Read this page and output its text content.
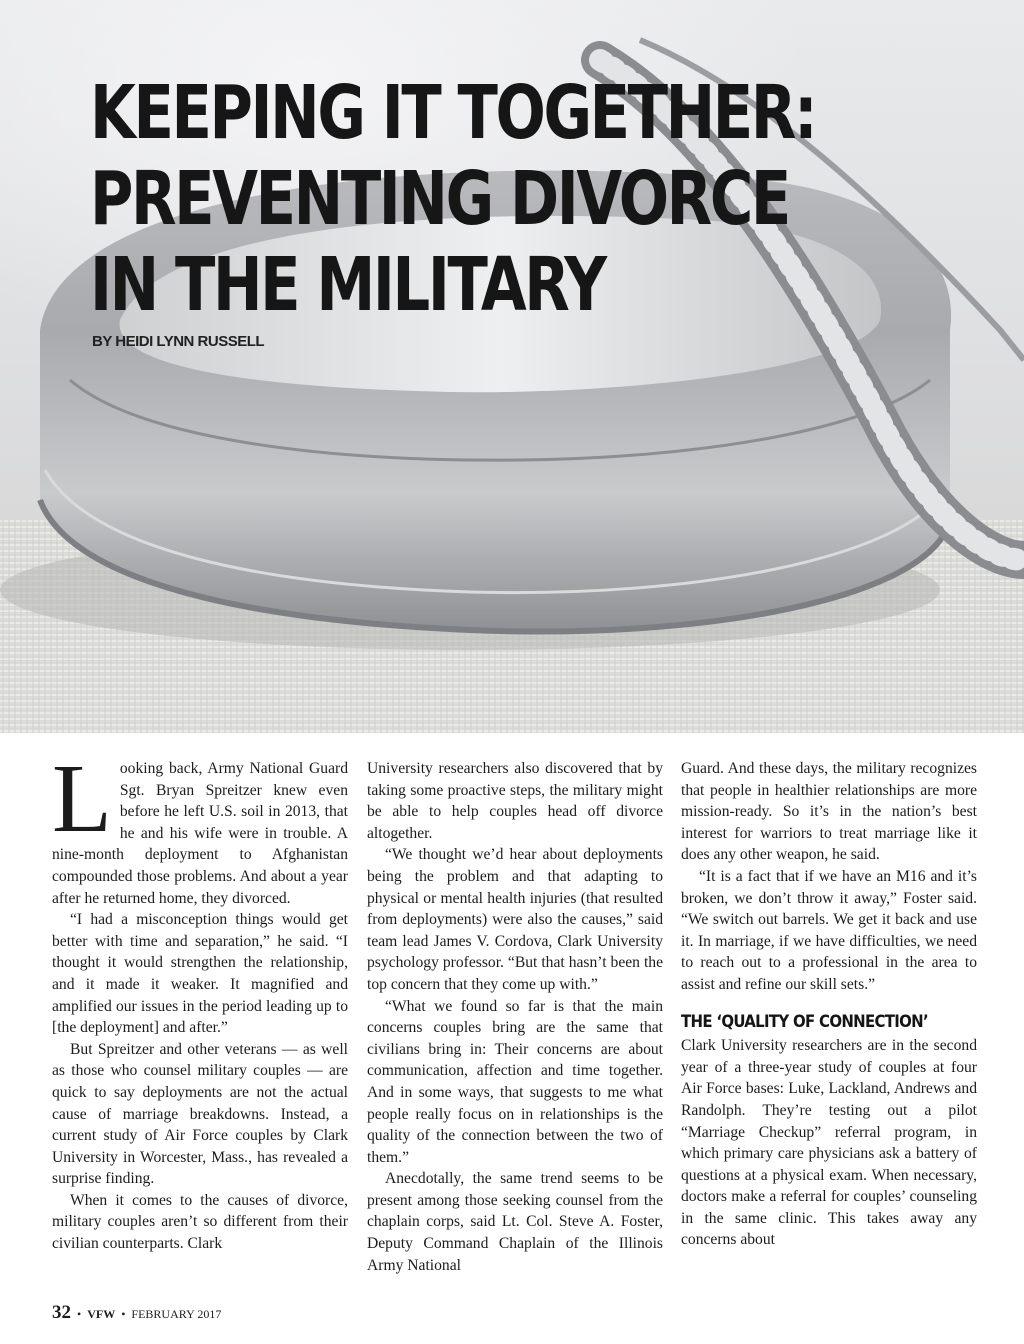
KEEPING IT TOGETHER:
PREVENTING DIVORCE
IN THE MILITARY

BY HEIDI LYNN RUSSELL

Looking back, Army National Guard Sgt. Bryan Spreitzer knew even before he left U.S. soil in 2013, that he and his wife were in trouble. A nine-month deployment to Afghanistan compounded those problems. And about a year after he returned home, they divorced.

“I had a misconception things would get better with time and separation,” he said. “I thought it would strengthen the relationship, and it made it weaker. It magnified and amplified our issues in the period leading up to [the deployment] and after.”

But Spreitzer and other veterans — as well as those who counsel military couples — are quick to say deployments are not the actual cause of marriage breakdowns. Instead, a current study of Air Force couples by Clark University in Worcester, Mass., has revealed a surprise finding.

When it comes to the causes of divorce, military couples aren’t so different from their civilian counterparts. Clark

University researchers also discovered that by taking some proactive steps, the military might be able to help couples head off divorce altogether.

“We thought we’d hear about deployments being the problem and that adapting to physical or mental health injuries (that resulted from deployments) were also the causes,” said team lead James V. Cordova, Clark University psychology professor. “But that hasn’t been the top concern that they come up with.”

“What we found so far is that the main concerns couples bring are the same that civilians bring in: Their concerns are about communication, affection and time together. And in some ways, that suggests to me what people really focus on in relationships is the quality of the connection between the two of them.”

Anecdotally, the same trend seems to be present among those seeking counsel from the chaplain corps, said Lt. Col. Steve A. Foster, Deputy Command Chaplain of the Illinois Army National

Guard. And these days, the military recognizes that people in healthier relationships are more mission-ready. So it’s in the nation’s best interest for warriors to treat marriage like it does any other weapon, he said.

“It is a fact that if we have an M16 and it’s broken, we don’t throw it away,” Foster said. “We switch out barrels. We get it back and use it. In marriage, if we have difficulties, we need to reach out to a professional in the area to assist and refine our skill sets.”

THE ‘QUALITY OF CONNECTION’

Clark University researchers are in the second year of a three-year study of couples at four Air Force bases: Luke, Lackland, Andrews and Randolph. They’re testing out a pilot “Marriage Checkup” referral program, in which primary care physicians ask a battery of questions at a physical exam. When necessary, doctors make a referral for couples’ counseling in the same clinic. This takes away any concerns about

32 • VFW • FEBRUARY 2017
